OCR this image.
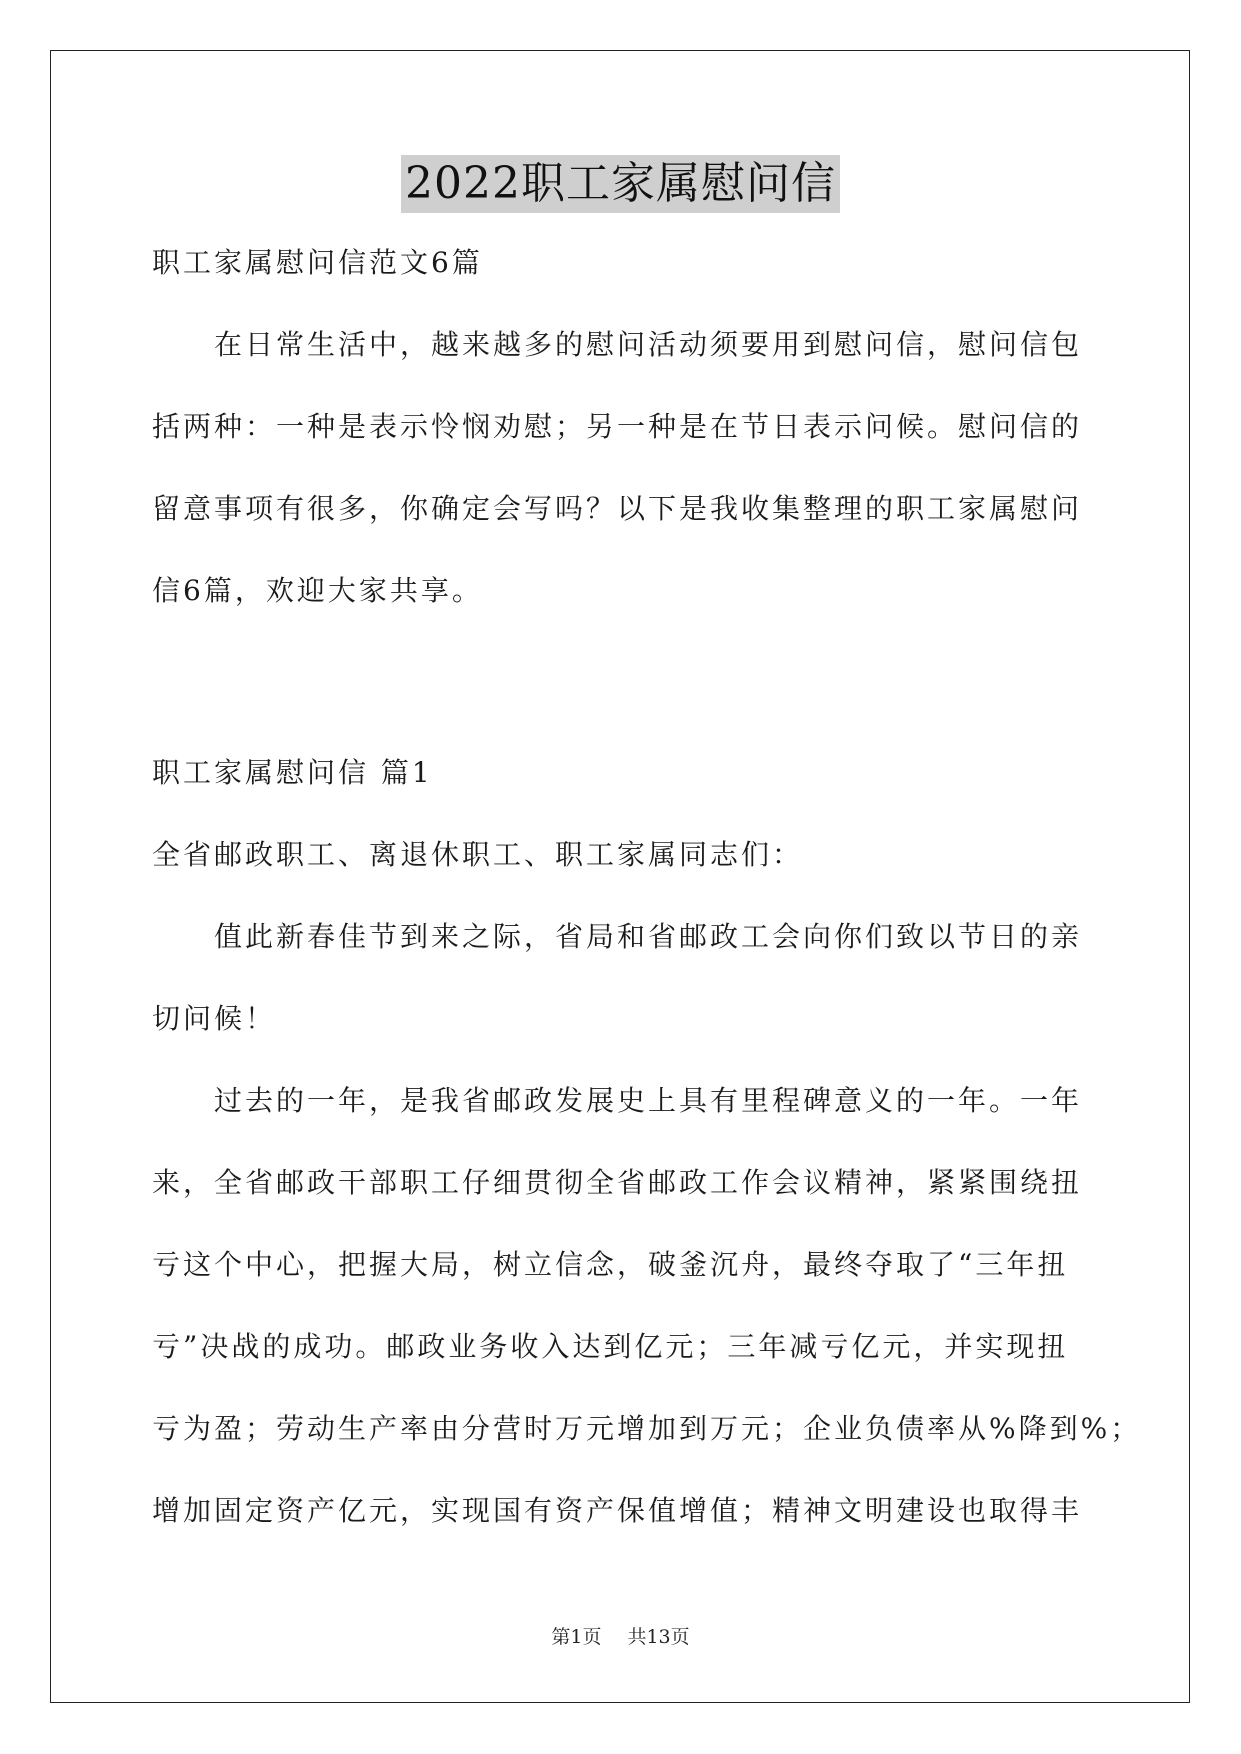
2022职工家属慰问信
职工家属慰问信范文6篇
在日常生活中，越来越多的慰问活动须要用到慰问信，慰问信包
括两种：一种是表示怜悯劝慰；另一种是在节日表示问候。慰问信的
留意事项有很多，你确定会写吗？以下是我收集整理的职工家属慰问
信6篇，欢迎大家共享。
职工家属慰问信 篇1
全省邮政职工、离退休职工、职工家属同志们：
值此新春佳节到来之际，省局和省邮政工会向你们致以节日的亲
切问候！
过去的一年，是我省邮政发展史上具有里程碑意义的一年。一年
来，全省邮政干部职工仔细贯彻全省邮政工作会议精神，紧紧围绕扭
亏这个中心，把握大局，树立信念，破釜沉舟，最终夺取了“三年扭
亏”决战的成功。邮政业务收入达到亿元；三年减亏亿元，并实现扭
亏为盈；劳动生产率由分营时万元增加到万元；企业负债率从%降到%；
增加固定资产亿元，实现国有资产保值增值；精神文明建设也取得丰
第1页 共13页
